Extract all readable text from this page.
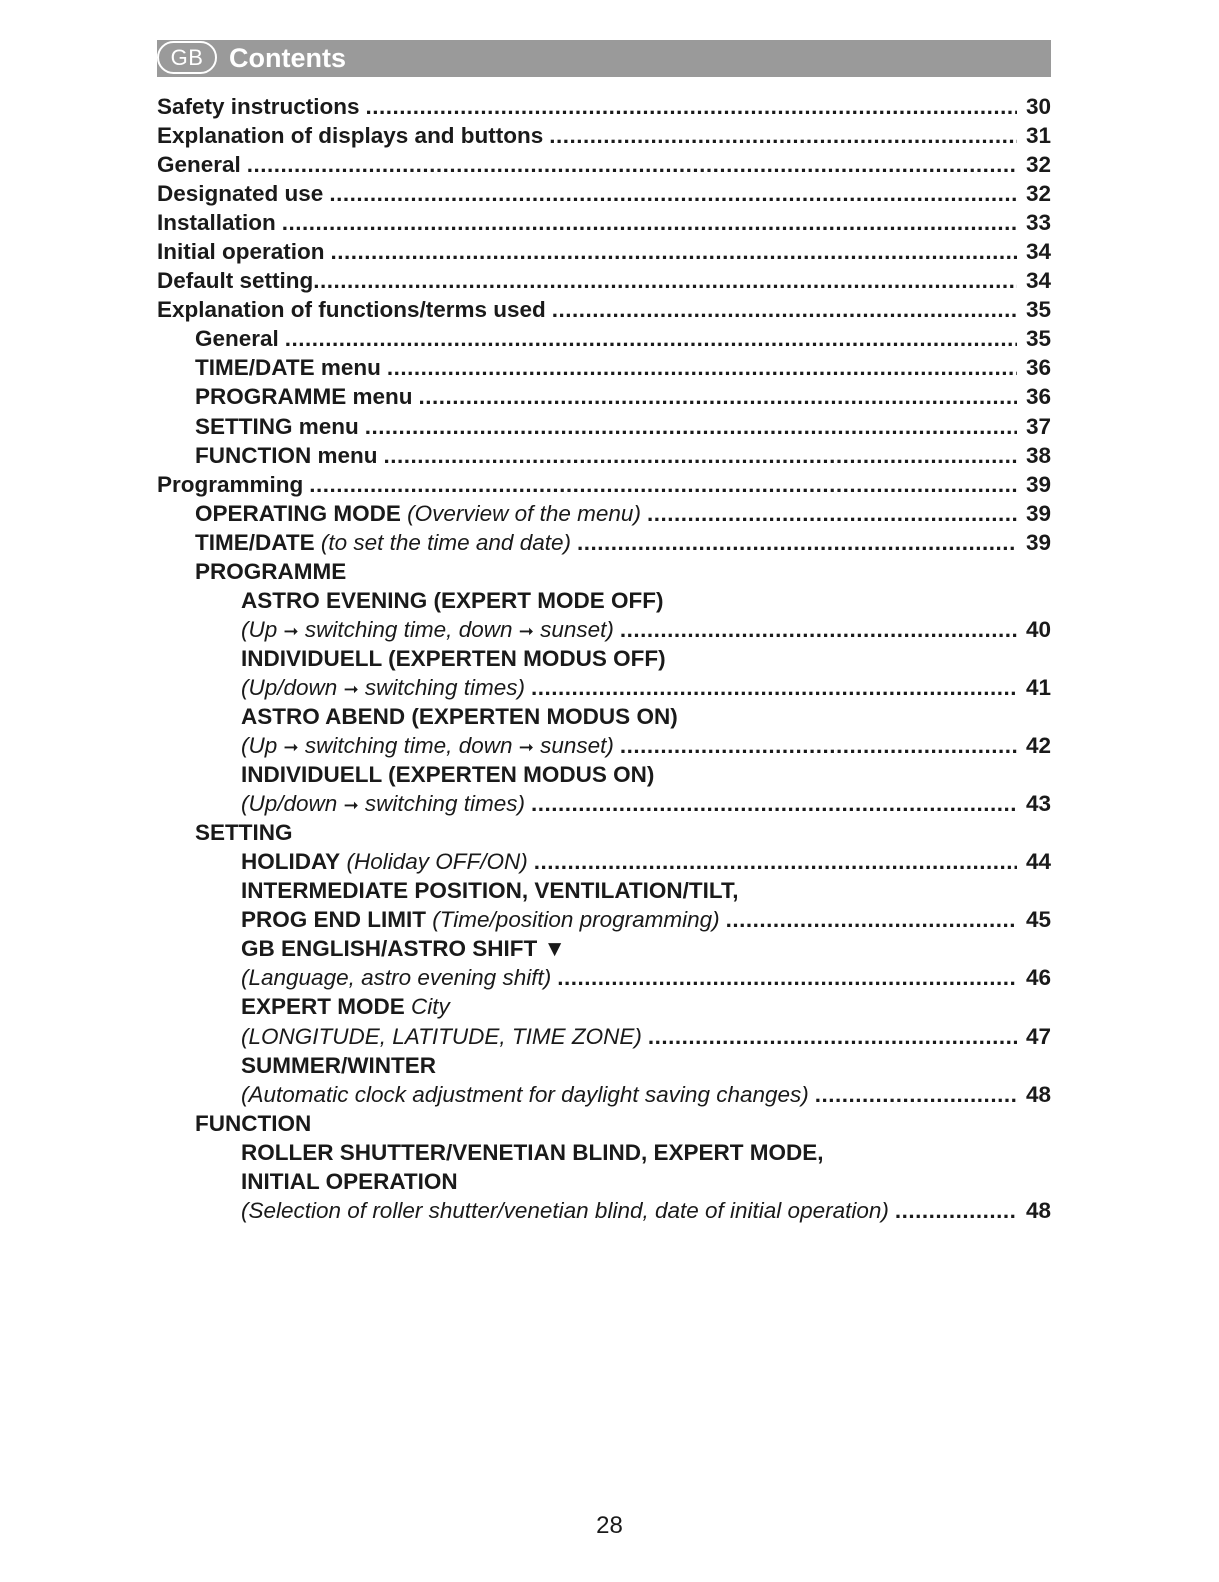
GB Contents
Safety instructions .....	30
Explanation of displays and buttons .....	31
General .....	32
Designated use .....	32
Installation .....	33
Initial operation .....	34
Default setting .....	34
Explanation of functions/terms used .....	35
General .....	35
TIME/DATE menu .....	36
PROGRAMME menu .....	36
SETTING menu .....	37
FUNCTION menu .....	38
Programming .....	39
OPERATING MODE
(Overview of the menu) .....	39
TIME/DATE
(to set the time and date) .....	39
PROGRAMME
ASTRO EVENING (EXPERT MODE OFF)
(Up ➞ switching time, down ➞ sunset) .....	40
INDIVIDUELL (EXPERTEN MODUS OFF)
(Up/down ➞ switching times) .....	41
ASTRO ABEND (EXPERTEN MODUS ON)
(Up ➞ switching time, down ➞ sunset) .....	42
INDIVIDUELL (EXPERTEN MODUS ON)
(Up/down ➞ switching times) .....	43
SETTING
HOLIDAY
(Holiday OFF/ON) .....	44
INTERMEDIATE POSITION, VENTILATION/TILT,
PROG END LIMIT
(Time/position programming) .....	45
GB ENGLISH/ASTRO SHIFT ▼
(Language, astro evening shift) .....	46
EXPERT MODE
City
(LONGITUDE, LATITUDE, TIME ZONE) .....	47
SUMMER/WINTER
(Automatic clock adjustment for daylight saving changes) .....	48
FUNCTION
ROLLER SHUTTER/VENETIAN BLIND, EXPERT MODE,
INITIAL OPERATION
(Selection of roller shutter/venetian blind, date of initial operation) .....	48
28
